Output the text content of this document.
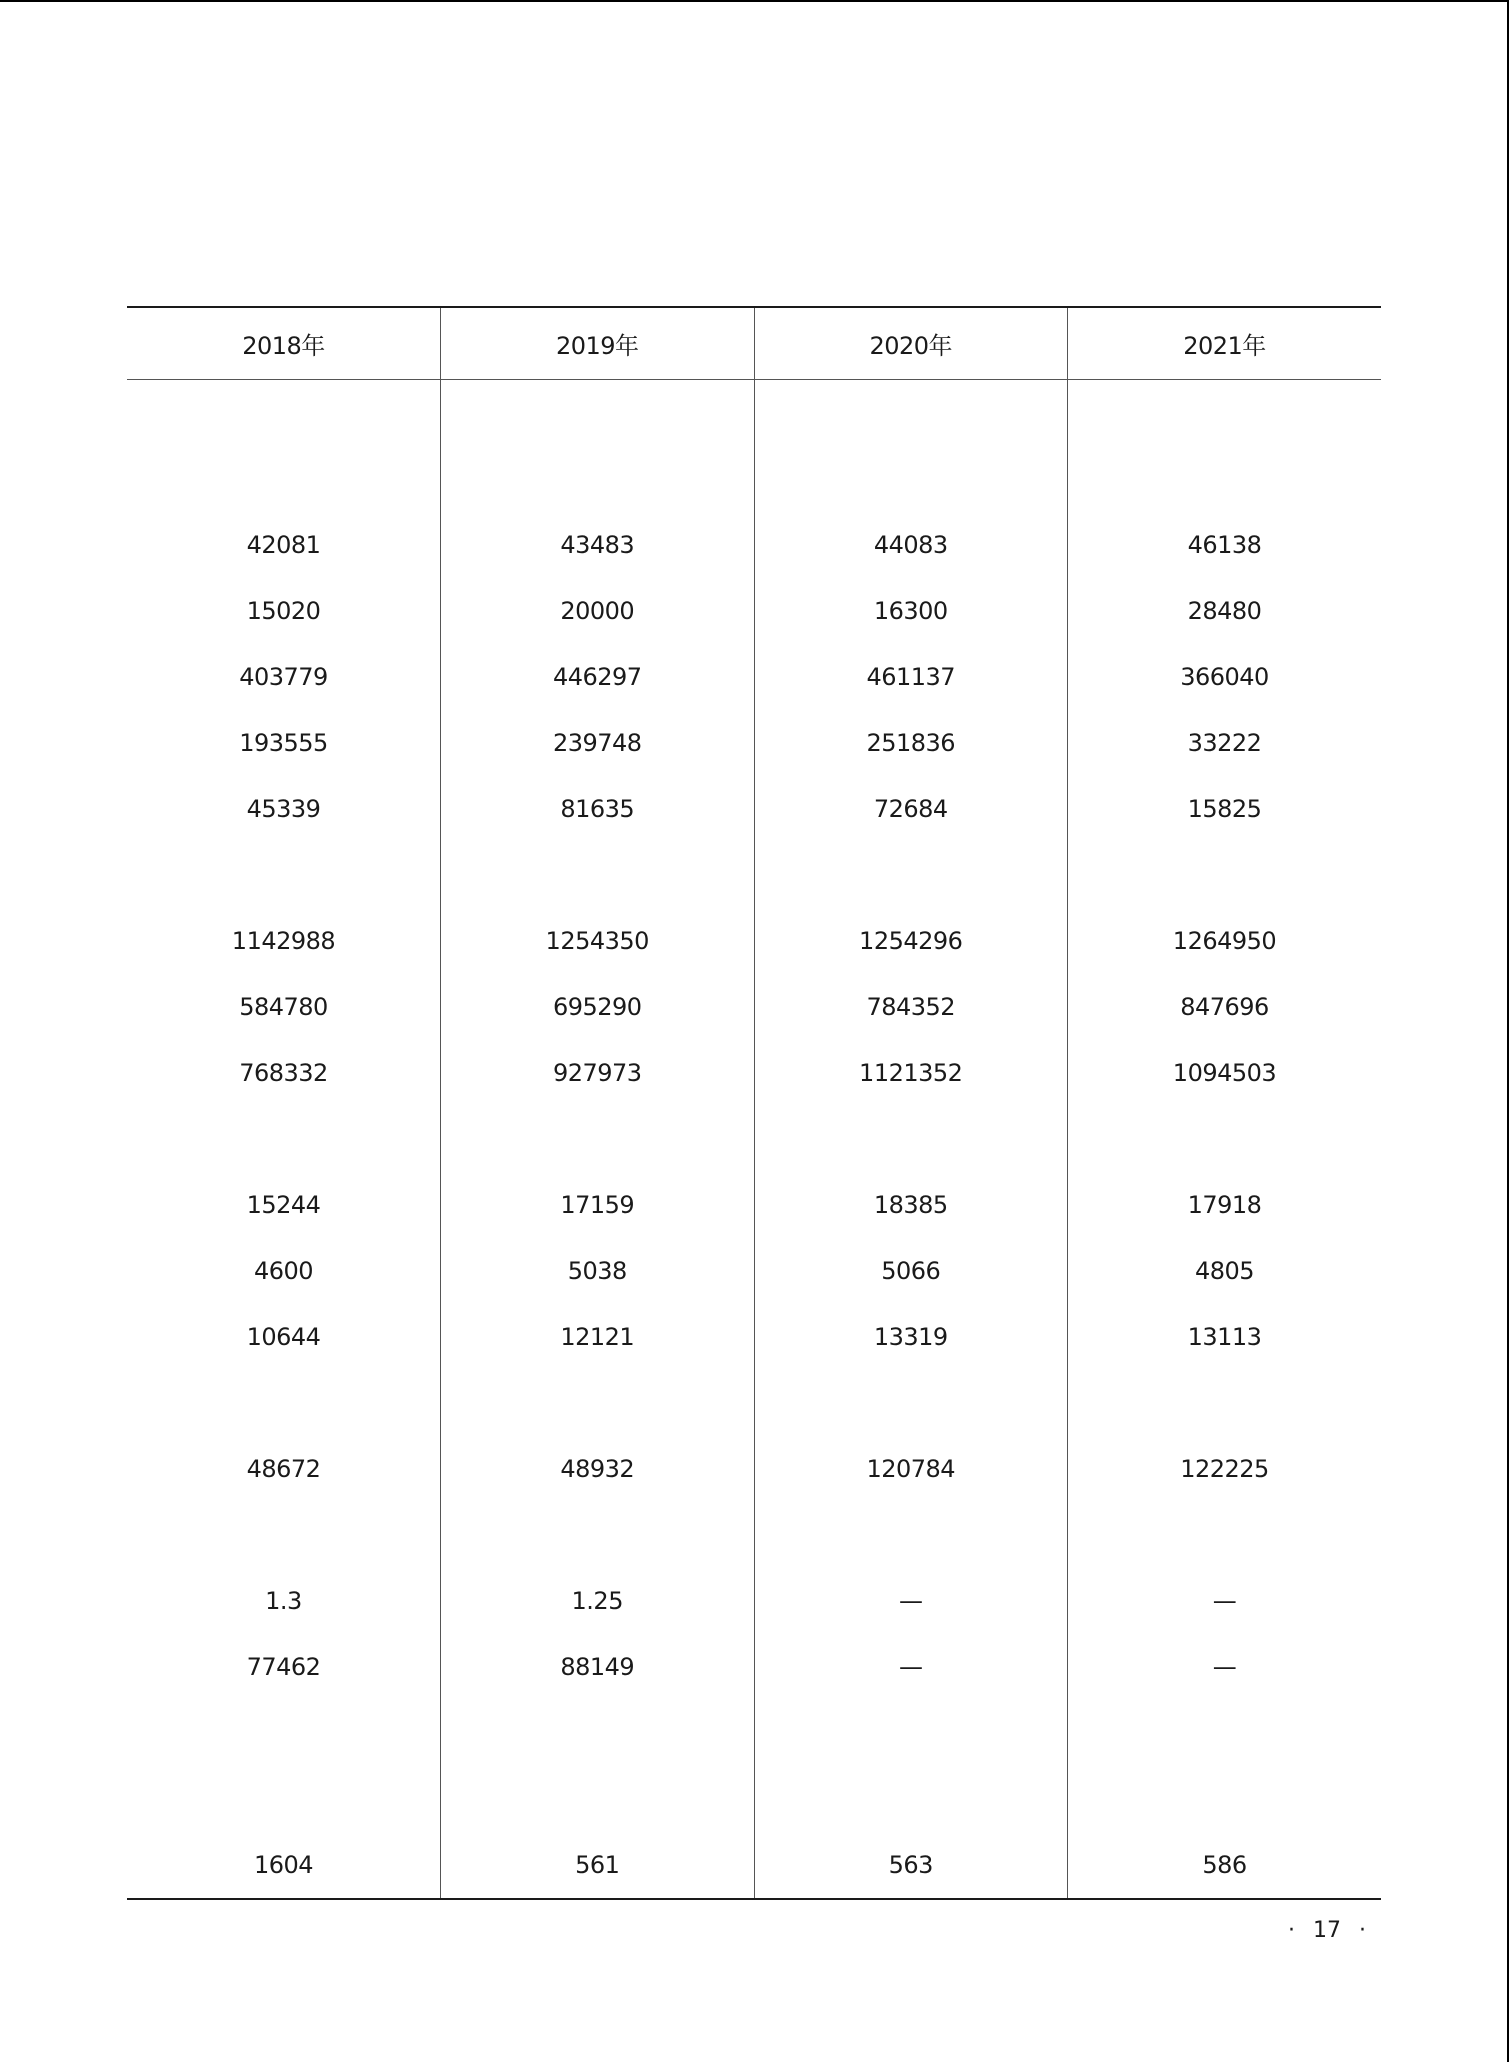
2018年	2019年	2020年	2021年

42081	43483	44083	46138
15020	20000	16300	28480
403779	446297	461137	366040
193555	239748	251836	33222
45339	81635	72684	15825

1142988	1254350	1254296	1264950
584780	695290	784352	847696
768332	927973	1121352	1094503

15244	17159	18385	17918
4600	5038	5066	4805
10644	12121	13319	13113

48672	48932	120784	122225

1.3	1.25	—	—
77462	88149	—	—

1604	561	563	586
· 17 ·
